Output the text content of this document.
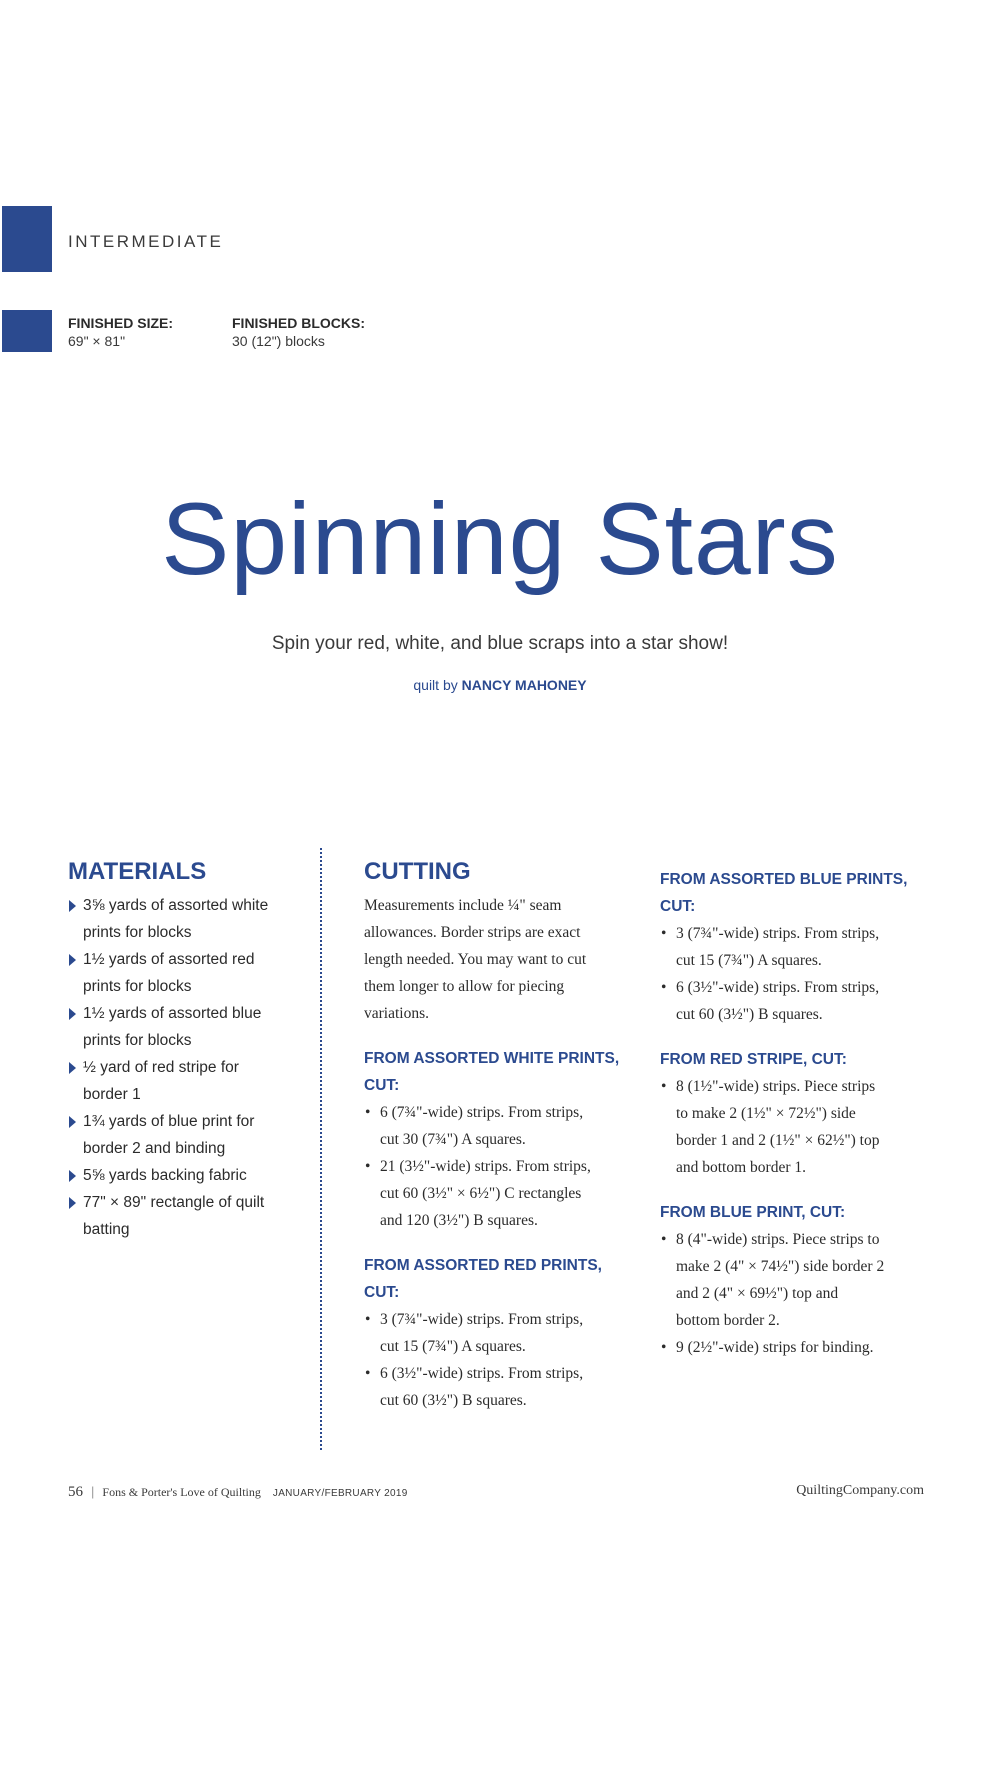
INTERMEDIATE
FINISHED SIZE:
69" × 81"
FINISHED BLOCKS:
30 (12") blocks
Spinning Stars
Spin your red, white, and blue scraps into a star show!
quilt by NANCY MAHONEY
MATERIALS
3⅝ yards of assorted white
prints for blocks
1½ yards of assorted red
prints for blocks
1½ yards of assorted blue
prints for blocks
½ yard of red stripe for
border 1
1¾ yards of blue print for
border 2 and binding
5⅝ yards backing fabric
77" × 89" rectangle of quilt
batting
CUTTING
Measurements include ¼" seam
allowances. Border strips are exact
length needed. You may want to cut
them longer to allow for piecing
variations.
FROM ASSORTED WHITE PRINTS,
CUT:
• 6 (7¾"-wide) strips. From strips,
cut 30 (7¾") A squares.
• 21 (3½"-wide) strips. From strips,
cut 60 (3½" × 6½") C rectangles
and 120 (3½") B squares.
FROM ASSORTED RED PRINTS,
CUT:
• 3 (7¾"-wide) strips. From strips,
cut 15 (7¾") A squares.
• 6 (3½"-wide) strips. From strips,
cut 60 (3½") B squares.
FROM ASSORTED BLUE PRINTS,
CUT:
• 3 (7¾"-wide) strips. From strips,
cut 15 (7¾") A squares.
• 6 (3½"-wide) strips. From strips,
cut 60 (3½") B squares.
FROM RED STRIPE, CUT:
• 8 (1½"-wide) strips. Piece strips
to make 2 (1½" × 72½") side
border 1 and 2 (1½" × 62½") top
and bottom border 1.
FROM BLUE PRINT, CUT:
• 8 (4"-wide) strips. Piece strips to
make 2 (4" × 74½") side border 2
and 2 (4" × 69½") top and
bottom border 2.
• 9 (2½"-wide) strips for binding.
56 | Fons & Porter's Love of Quilting JANUARY/FEBRUARY 2019	QuiltingCompany.com
